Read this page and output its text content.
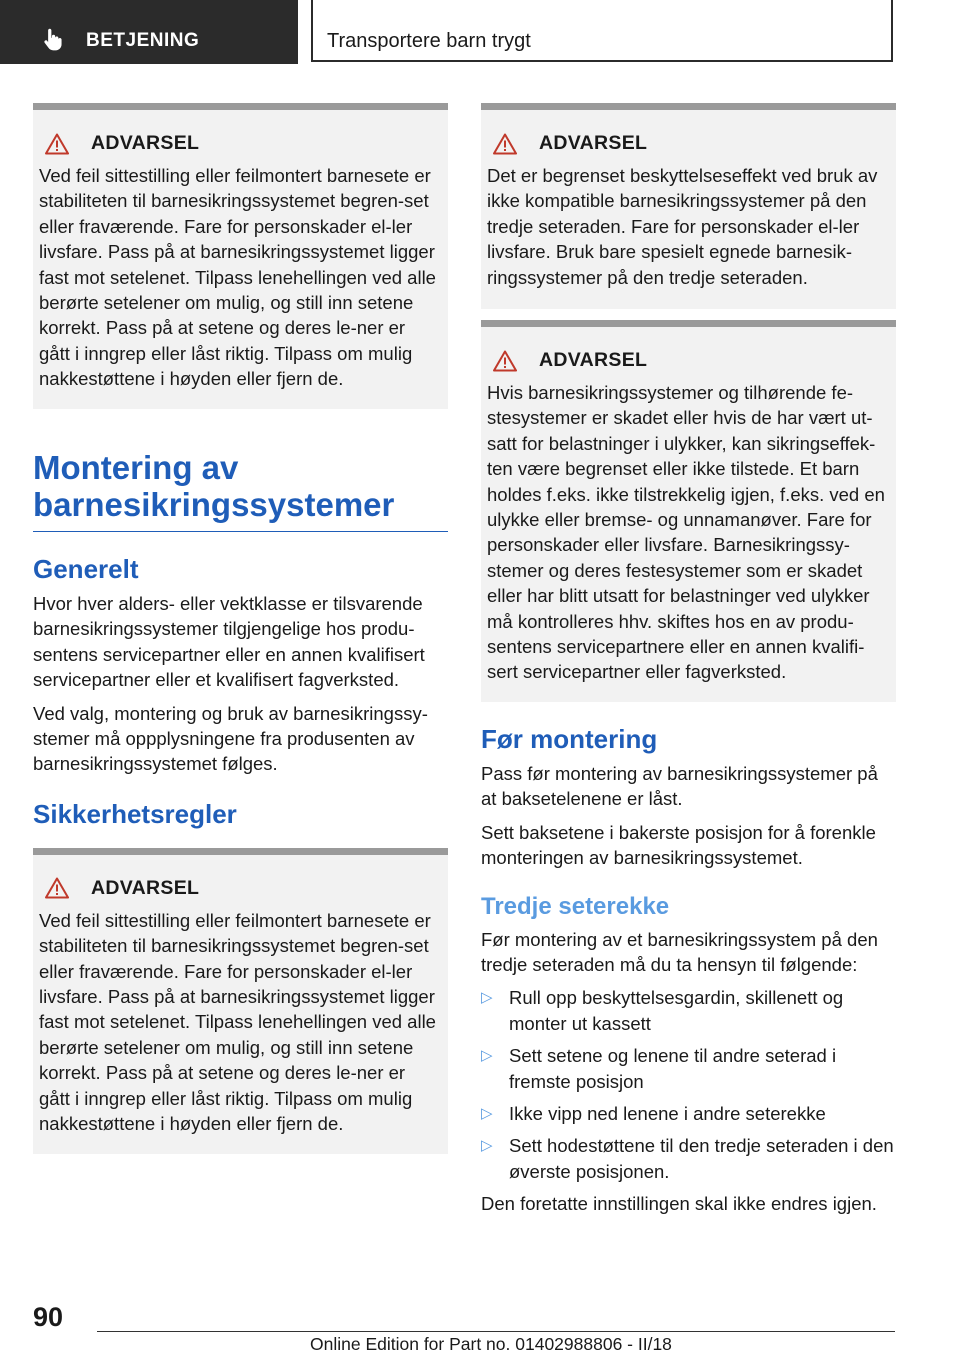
BETJENING	Transportere barn trygt
ADVARSEL

Ved feil sittestilling eller feilmontert barnesete er stabiliteten til barnesikringssystemet begren-set eller fraværende. Fare for personskader el-ler livsfare. Pass på at barnesikringssystemet ligger fast mot setelenet. Tilpass lenehellingen ved alle berørte setelener om mulig, og still inn setene korrekt. Pass på at setene og deres le-ner er gått i inngrep eller låst riktig. Tilpass om mulig nakkestøttene i høyden eller fjern de.

Montering av barnesikringssystemer
Generelt

Hvor hver alders- eller vektklasse er tilsvarende barnesikringssystemer tilgjengelige hos produ-sentens servicepartner eller en annen kvalifisert servicepartner eller et kvalifisert fagverksted.

Ved valg, montering og bruk av barnesikringssy-stemer må oppplysningene fra produsenten av barnesikringssystemet følges.

Sikkerhetsregler
ADVARSEL

Ved feil sittestilling eller feilmontert barnesete er stabiliteten til barnesikringssystemet begren-set eller fraværende. Fare for personskader el-ler livsfare. Pass på at barnesikringssystemet ligger fast mot setelenet. Tilpass lenehellingen ved alle berørte setelener om mulig, og still inn setene korrekt. Pass på at setene og deres le-ner er gått i inngrep eller låst riktig. Tilpass om mulig nakkestøttene i høyden eller fjern de.

ADVARSEL

Det er begrenset beskyttelseseffekt ved bruk av ikke kompatible barnesikringssystemer på den tredje seteraden. Fare for personskader el-ler livsfare. Bruk bare spesielt egnede barnesik-ringssystemer på den tredje seteraden.

ADVARSEL

Hvis barnesikringssystemer og tilhørende fe-stesystemer er skadet eller hvis de har vært ut-satt for belastninger i ulykker, kan sikringseffek-ten være begrenset eller ikke tilstede. Et barn holdes f.eks. ikke tilstrekkelig igjen, f.eks. ved en ulykke eller bremse- og unnamanøver. Fare for personskader eller livsfare. Barnesikringssy-stemer og deres festesystemer som er skadet eller har blitt utsatt for belastninger ved ulykker må kontrolleres hhv. skiftes hos en av produ-sentens servicepartnere eller en annen kvalifi-sert servicepartner eller fagverksted.

Før montering

Pass før montering av barnesikringssystemer på at baksetelenene er låst.

Sett baksetene i bakerste posisjon for å forenkle monteringen av barnesikringssystemet.

Tredje seterekke

Før montering av et barnesikringssystem på den tredje seteraden må du ta hensyn til følgende:

▷ Rull opp beskyttelsesgardin, skillenett og monter ut kassett
▷ Sett setene og lenene til andre seterad i fremste posisjon
▷ Ikke vipp ned lenene i andre seterekke
▷ Sett hodestøttene til den tredje seteraden i den øverste posisjonen.

Den foretatte innstillingen skal ikke endres igjen.

90
Online Edition for Part no. 01402988806 - II/18
